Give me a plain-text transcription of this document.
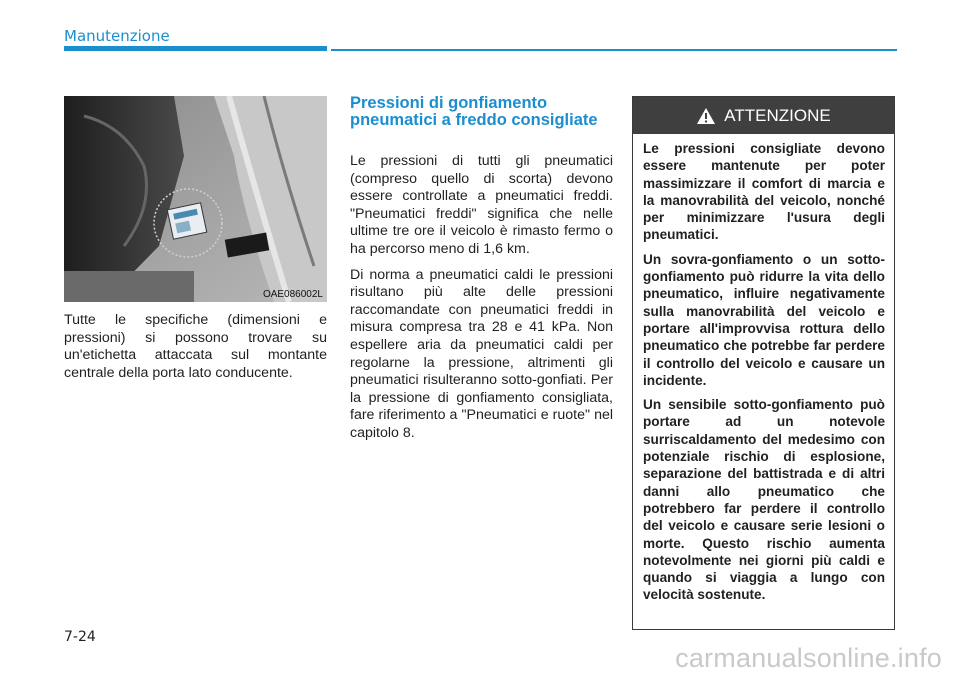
Manutenzione
OAE086002L

Tutte le specifiche (dimensioni e pressioni) si possono trovare su un'etichetta attaccata sul montante centrale della porta lato conducente.

Pressioni di gonfiamento pneumatici a freddo consigliate

Le pressioni di tutti gli pneumatici (compreso quello di scorta) devono essere controllate a pneumatici freddi. "Pneumatici freddi" significa che nelle ultime tre ore il veicolo è rimasto fermo o ha percorso meno di 1,6 km.

Di norma a pneumatici caldi le pressioni risultano più alte delle pressioni raccomandate con pneumatici freddi in misura compresa tra 28 e 41 kPa. Non espellere aria da pneumatici caldi per regolarne la pressione, altrimenti gli pneumatici risulteranno sotto-gonfiati. Per la pressione di gonfiamento consigliata, fare riferimento a "Pneumatici e ruote" nel capitolo 8.

ATTENZIONE

Le pressioni consigliate devono essere mantenute per poter massimizzare il comfort di marcia e la manovrabilità del veicolo, nonché per minimizzare l'usura degli pneumatici.

Un sovra-gonfiamento o un sotto-gonfiamento può ridurre la vita dello pneumatico, influire negativamente sulla manovrabilità del veicolo e portare all'improvvisa rottura dello pneumatico che potrebbe far perdere il controllo del veicolo e causare un incidente.

Un sensibile sotto-gonfiamento può portare ad un notevole surriscaldamento del medesimo con potenziale rischio di esplosione, separazione del battistrada e di altri danni allo pneumatico che potrebbero far perdere il controllo del veicolo e causare serie lesioni o morte. Questo rischio aumenta notevolmente nei giorni più caldi e quando si viaggia a lungo con velocità sostenute.

7-24
carmanualsonline.info
